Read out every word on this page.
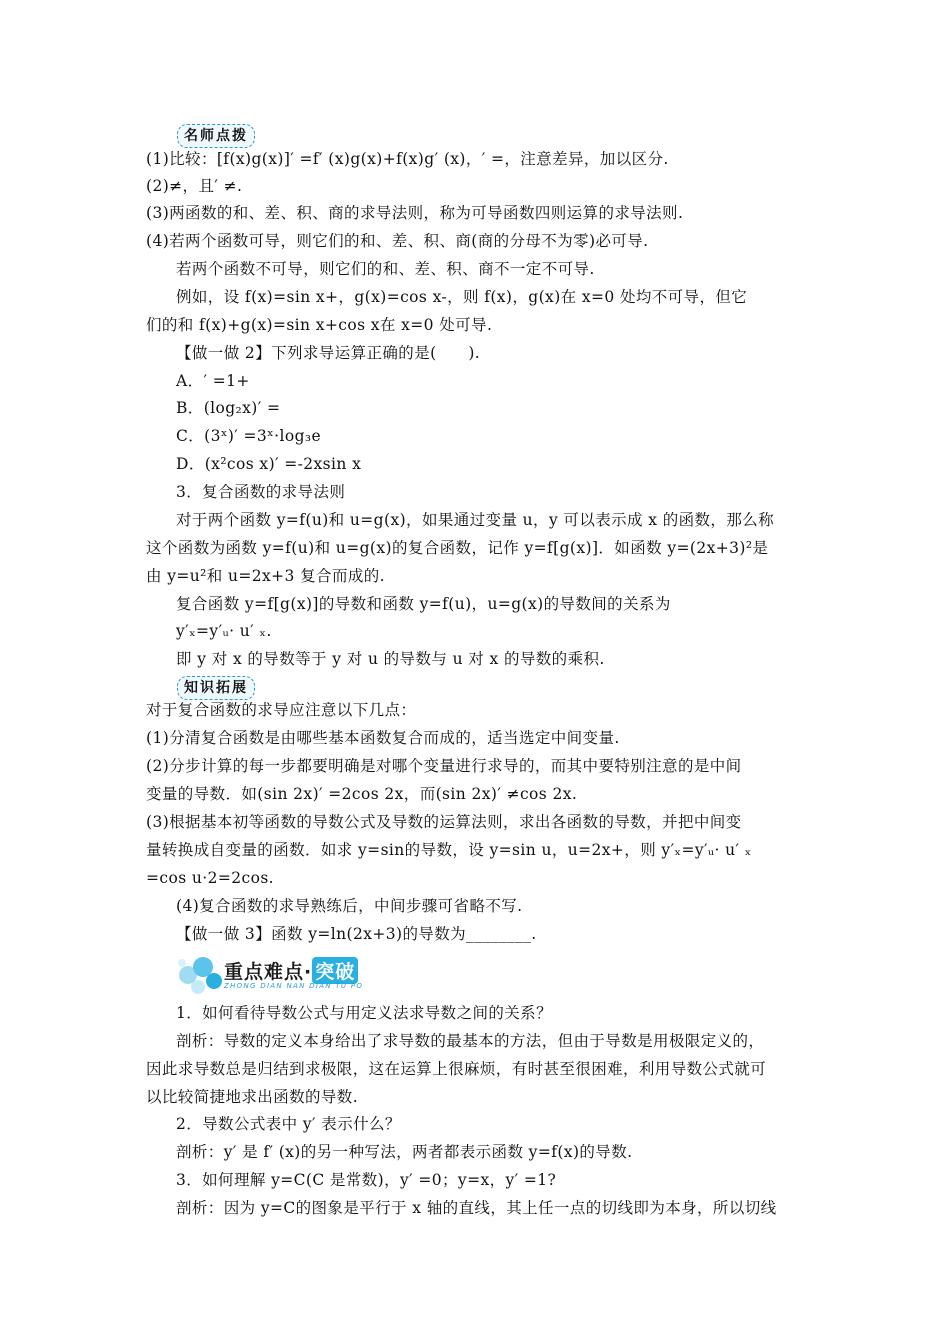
名师点拨
(1)比较：[f(x)g(x)]′ =f′ (x)g(x)+f(x)g′ (x)，′ =，注意差异，加以区分.
(2)≠，且′ ≠.
(3)两函数的和、差、积、商的求导法则，称为可导函数四则运算的求导法则.
(4)若两个函数可导，则它们的和、差、积、商(商的分母不为零)必可导.
若两个函数不可导，则它们的和、差、积、商不一定不可导.
例如，设 f(x)=sin x+，g(x)=cos x-，则 f(x)，g(x)在 x=0 处均不可导，但它
们的和 f(x)+g(x)=sin x+cos x在 x=0 处可导.
【做一做 2】下列求导运算正确的是(　　).
A．′ =1+
B．(log₂x)′ =
C．(3ˣ)′ =3ˣ·log₃e
D．(x²cos x)′ =-2xsin x
3．复合函数的求导法则
对于两个函数 y=f(u)和 u=g(x)，如果通过变量 u，y 可以表示成 x 的函数，那么称
这个函数为函数 y=f(u)和 u=g(x)的复合函数，记作 y=f[g(x)]．如函数 y=(2x+3)²是
由 y=u²和 u=2x+3 复合而成的.
复合函数 y=f[g(x)]的导数和函数 y=f(u)，u=g(x)的导数间的关系为
y′ₓ=y′ᵤ· u′ ₓ.
即 y 对 x 的导数等于 y 对 u 的导数与 u 对 x 的导数的乘积.
知识拓展
对于复合函数的求导应注意以下几点：
(1)分清复合函数是由哪些基本函数复合而成的，适当选定中间变量.
(2)分步计算的每一步都要明确是对哪个变量进行求导的，而其中要特别注意的是中间
变量的导数．如(sin 2x)′ =2cos 2x，而(sin 2x)′ ≠cos 2x.
(3)根据基本初等函数的导数公式及导数的运算法则，求出各函数的导数，并把中间变
量转换成自变量的函数．如求 y=sin的导数，设 y=sin u，u=2x+，则 y′ₓ=y′ᵤ· u′ ₓ
=cos u·2=2cos.
(4)复合函数的求导熟练后，中间步骤可省略不写.
【做一做 3】函数 y=ln(2x+3)的导数为________.
重点难点· 突破
ZHONG DIAN NAN DIAN TU PO
1．如何看待导数公式与用定义法求导数之间的关系？
剖析：导数的定义本身给出了求导数的最基本的方法，但由于导数是用极限定义的，
因此求导数总是归结到求极限，这在运算上很麻烦，有时甚至很困难，利用导数公式就可
以比较简捷地求出函数的导数.
2．导数公式表中 y′ 表示什么？
剖析：y′ 是 f′ (x)的另一种写法，两者都表示函数 y=f(x)的导数.
3．如何理解 y=C(C 是常数)，y′ =0；y=x，y′ =1?
剖析：因为 y=C的图象是平行于 x 轴的直线，其上任一点的切线即为本身，所以切线
